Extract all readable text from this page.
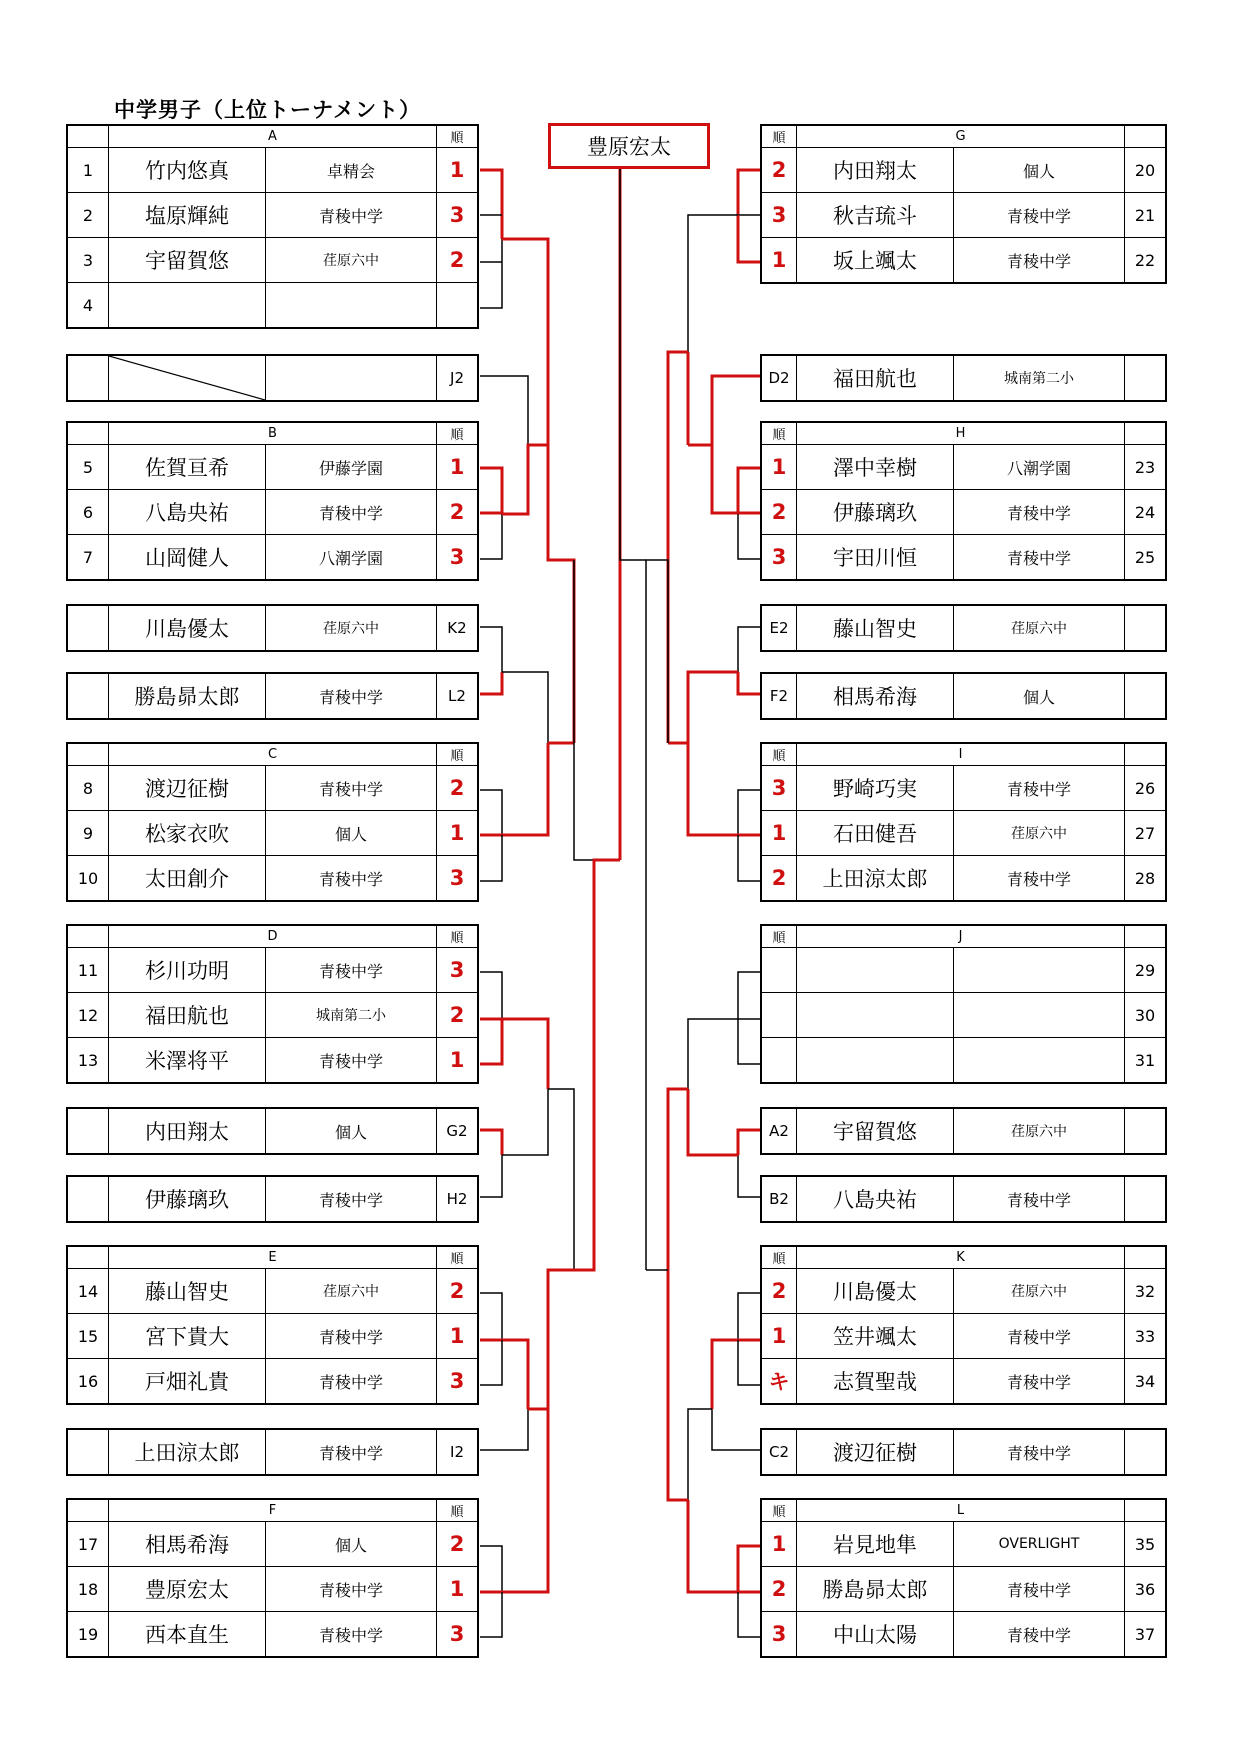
中学男子（上位トーナメント）
豊原宏太
	A		順
1	竹内悠真	卓精会	1
2	塩原輝純	青稜中学	3
3	宇留賀悠	荏原六中	2
4			
	B		順
5	佐賀亘希	伊藤学園	1
6	八島央祐	青稜中学	2
7	山岡健人	八潮学園	3
	C		順
8	渡辺征樹	青稜中学	2
9	松家衣吹	個人	1
10	太田創介	青稜中学	3
	D		順
11	杉川功明	青稜中学	3
12	福田航也	城南第二小	2
13	米澤将平	青稜中学	1
	E		順
14	藤山智史	荏原六中	2
15	宮下貴大	青稜中学	1
16	戸畑礼貴	青稜中学	3
	F		順
17	相馬希海	個人	2
18	豊原宏太	青稜中学	1
19	西本直生	青稜中学	3

		J2
	川島優太	荏原六中	K2
	勝島昴太郎	青稜中学	L2
	内田翔太	個人	G2
	伊藤璃玖	青稜中学	H2
	上田涼太郎	青稜中学	I2
順	G		
2	内田翔太	個人	20
3	秋吉琉斗	青稜中学	21
1	坂上颯太	青稜中学	22
順	H		
1	澤中幸樹	八潮学園	23
2	伊藤璃玖	青稜中学	24
3	宇田川恒	青稜中学	25
順	I		
3	野崎巧実	青稜中学	26
1	石田健吾	荏原六中	27
2	上田涼太郎	青稜中学	28
順	J		
			29
			30
			31
順	K		
2	川島優太	荏原六中	32
1	笠井颯太	青稜中学	33
キ	志賀聖哉	青稜中学	34
順	L		
1	岩見地隼	OVERLIGHT	35
2	勝島昴太郎	青稜中学	36
3	中山太陽	青稜中学	37
D2	福田航也	城南第二小	
E2	藤山智史	荏原六中	
F2	相馬希海	個人	
A2	宇留賀悠	荏原六中	
B2	八島央祐	青稜中学	
C2	渡辺征樹	青稜中学	
